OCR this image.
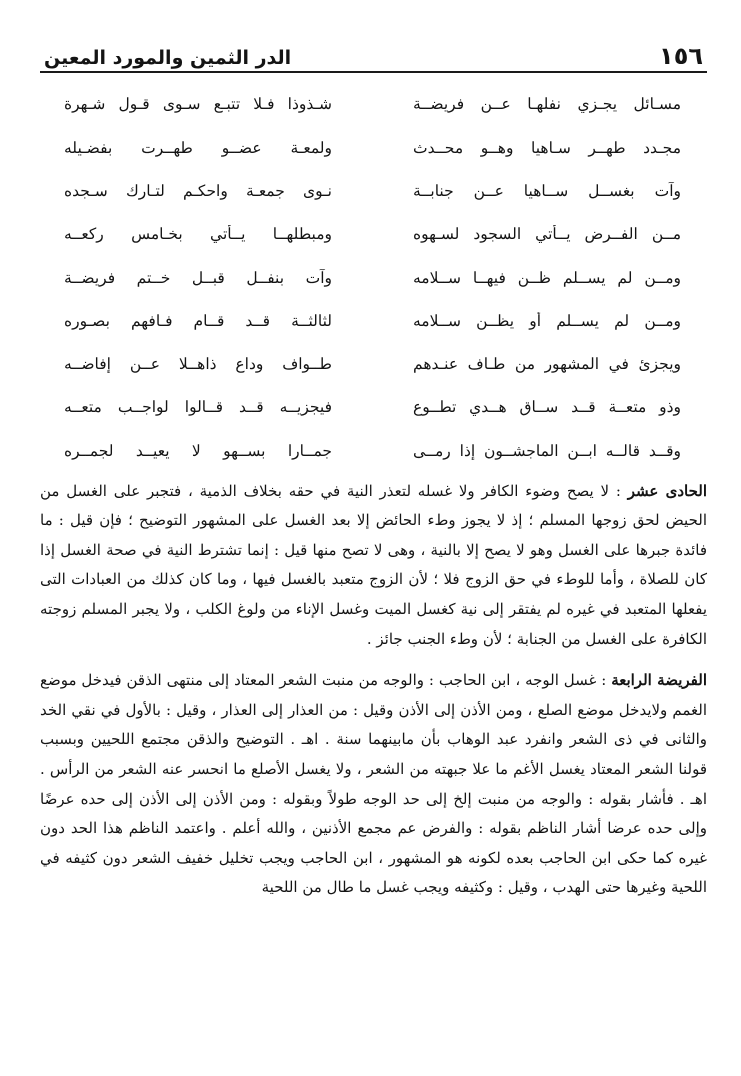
١٥٦
الدر الثمين والمورد المعين
مسـائل يجـزي نفلهـا عــن فريضــة
شـذوذا فـلا تتبـع سـوى قـول شـهرة
مجـدد طهــر سـاهيا وهــو محــدث
ولمعـة عضــو طهــرت بفضـيله
وآت بغســل ســاهيا عــن جنابــة
نـوى جمعـة واحكـم لتـارك سـجده
مــن الفــرض يــأتي السجود لسـهوه
ومبطلهــا يــأتي بخـامس ركعــه
ومــن لم يســلم ظــن فيهــا ســلامه
وآت بنفــل قبــل خــتم فريضــة
ومــن لم يســلم أو يظــن ســلامه
لثالثــة قــد قــام فـافهم بصـوره
ويجزئ في المشهور من طـاف عنـدهم
طــواف وداع ذاهــلا عــن إفاضــه
وذو متعــة قــد ســاق هــدي تطــوع
فيجزيــه قــد قــالوا لواجــب متعــه
وقــد قالــه ابــن الماجشــون إذا رمــى
جمــارا بســهو لا يعيــد لجمــره

الحادى عشر : لا يصح وضوء الكافر ولا غسله لتعذر النية في حقه بخلاف الذمية ، فتجبر على الغسل من الحيض لحق زوجها المسلم ؛ إذ لا يجوز وطء الحائض إلا بعد الغسل على المشهور التوضيح ؛ فإن قيل : ما فائدة جبرها على الغسل وهو لا يصح إلا بالنية ، وهى لا تصح منها قيل : إنما تشترط النية في صحة الغسل إذا كان للصلاة ، وأما للوطء في حق الزوج فلا ؛ لأن الزوج متعبد بالغسل فيها ، وما كان كذلك من العبادات التى يفعلها المتعبد في غيره لم يفتقر إلى نية كغسل الميت وغسل الإناء من ولوغ الكلب ، ولا يجبر المسلم زوجته الكافرة على الغسل من الجنابة ؛ لأن وطء الجنب جائز .

الفريضة الرابعة : غسل الوجه ، ابن الحاجب : والوجه من منبت الشعر المعتاد إلى منتهى الذقن فيدخل موضع الغمم ولايدخل موضع الصلع ، ومن الأذن إلى الأذن وقيل : من العذار إلى العذار ، وقيل : بالأول في نقي الخد والثانى في ذى الشعر وانفرد عبد الوهاب بأن مابينهما سنة . اهـ . التوضيح والذقن مجتمع اللحيين وبسبب قولنا الشعر المعتاد يغسل الأغم ما علا جبهته من الشعر ، ولا يغسل الأصلع ما انحسر عنه الشعر من الرأس . اهـ . فأشار بقوله : والوجه من منبت إلخ إلى حد الوجه طولاً وبقوله : ومن الأذن إلى الأذن إلى حده عرضًا وإلى حده عرضا أشار الناظم بقوله : والفرض عم مجمع الأذنين ، والله أعلم . واعتمد الناظم هذا الحد دون غيره كما حكى ابن الحاجب بعده لكونه هو المشهور ، ابن الحاجب ويجب تخليل خفيف الشعر دون كثيفه في اللحية وغيرها حتى الهدب ، وقيل : وكثيفه ويجب غسل ما طال من اللحية
